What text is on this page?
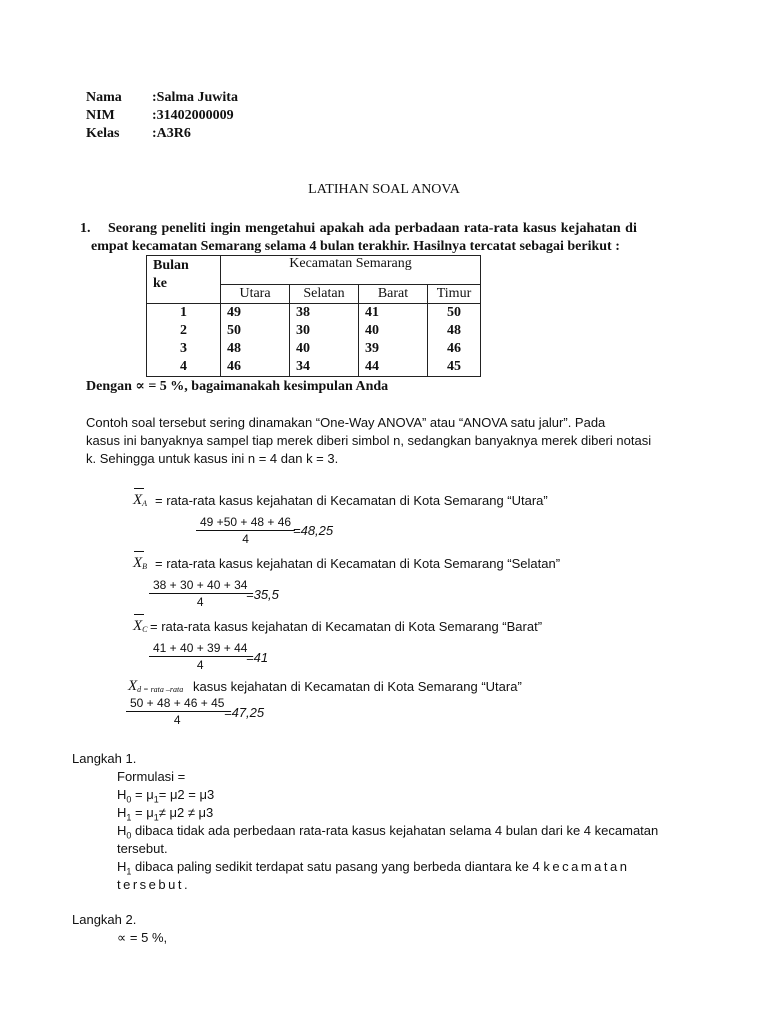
Nama :Salma Juwita
NIM	:31402000009
Kelas :A3R6
LATIHAN SOAL ANOVA
1. Seorang peneliti ingin mengetahui apakah ada perbadaan rata-rata kasus kejahatan di
empat kecamatan Semarang selama 4 bulan terakhir. Hasilnya tercatat sebagai berikut :
Bulan
ke	Kecamatan Semarang			
	Utara	Selatan	Barat	Timur
1	49	38	41	50
2	50	30	40	48
3	48	40	39	46
4	46	34	44	45
Dengan ∝ = 5 %, bagaimanakah kesimpulan Anda
Contoh soal tersebut sering dinamakan “One-Way ANOVA” atau “ANOVA satu jalur”. Pada
kasus ini banyaknya sampel tiap merek diberi simbol n, sedangkan banyaknya merek diberi notasi
k. Sehingga untuk kasus ini n = 4 dan k = 3.
$X_A$ = rata-rata kasus kejahatan di Kecamatan di Kota Semarang “Utara”
$\frac{49 +50 + 48 + 46}{4}$
=48,25
$X_B$ = rata-rata kasus kejahatan di Kecamatan di Kota Semarang “Selatan”
$\frac{38 + 30 + 40 + 34}{4}$
=35,5
$X_C$ = rata-rata kasus kejahatan di Kecamatan di Kota Semarang “Barat”
$\frac{41 + 40 + 39 + 44}{4}$
=41
$X_{d = rata -rata}$ kasus kejahatan di Kecamatan di Kota Semarang “Utara”
$\frac{50 + 48 + 46 + 45}{4}$
=47,25
Langkah 1.
Formulasi =
$H_0 = \mu_1= \mu 2 = \mu 3$
$H_1 = \mu_1\ne \mu 2 \ne \mu 3$
$H_0$ dibaca tidak ada perbedaan rata-rata kasus kejahatan selama 4 bulan dari ke 4 kecamatan
tersebut.
$H_1$ dibaca paling sedikit terdapat satu pasang yang berbeda diantara ke 4 kecamatan
tersebut.
Langkah 2.
∝ = 5 %,
